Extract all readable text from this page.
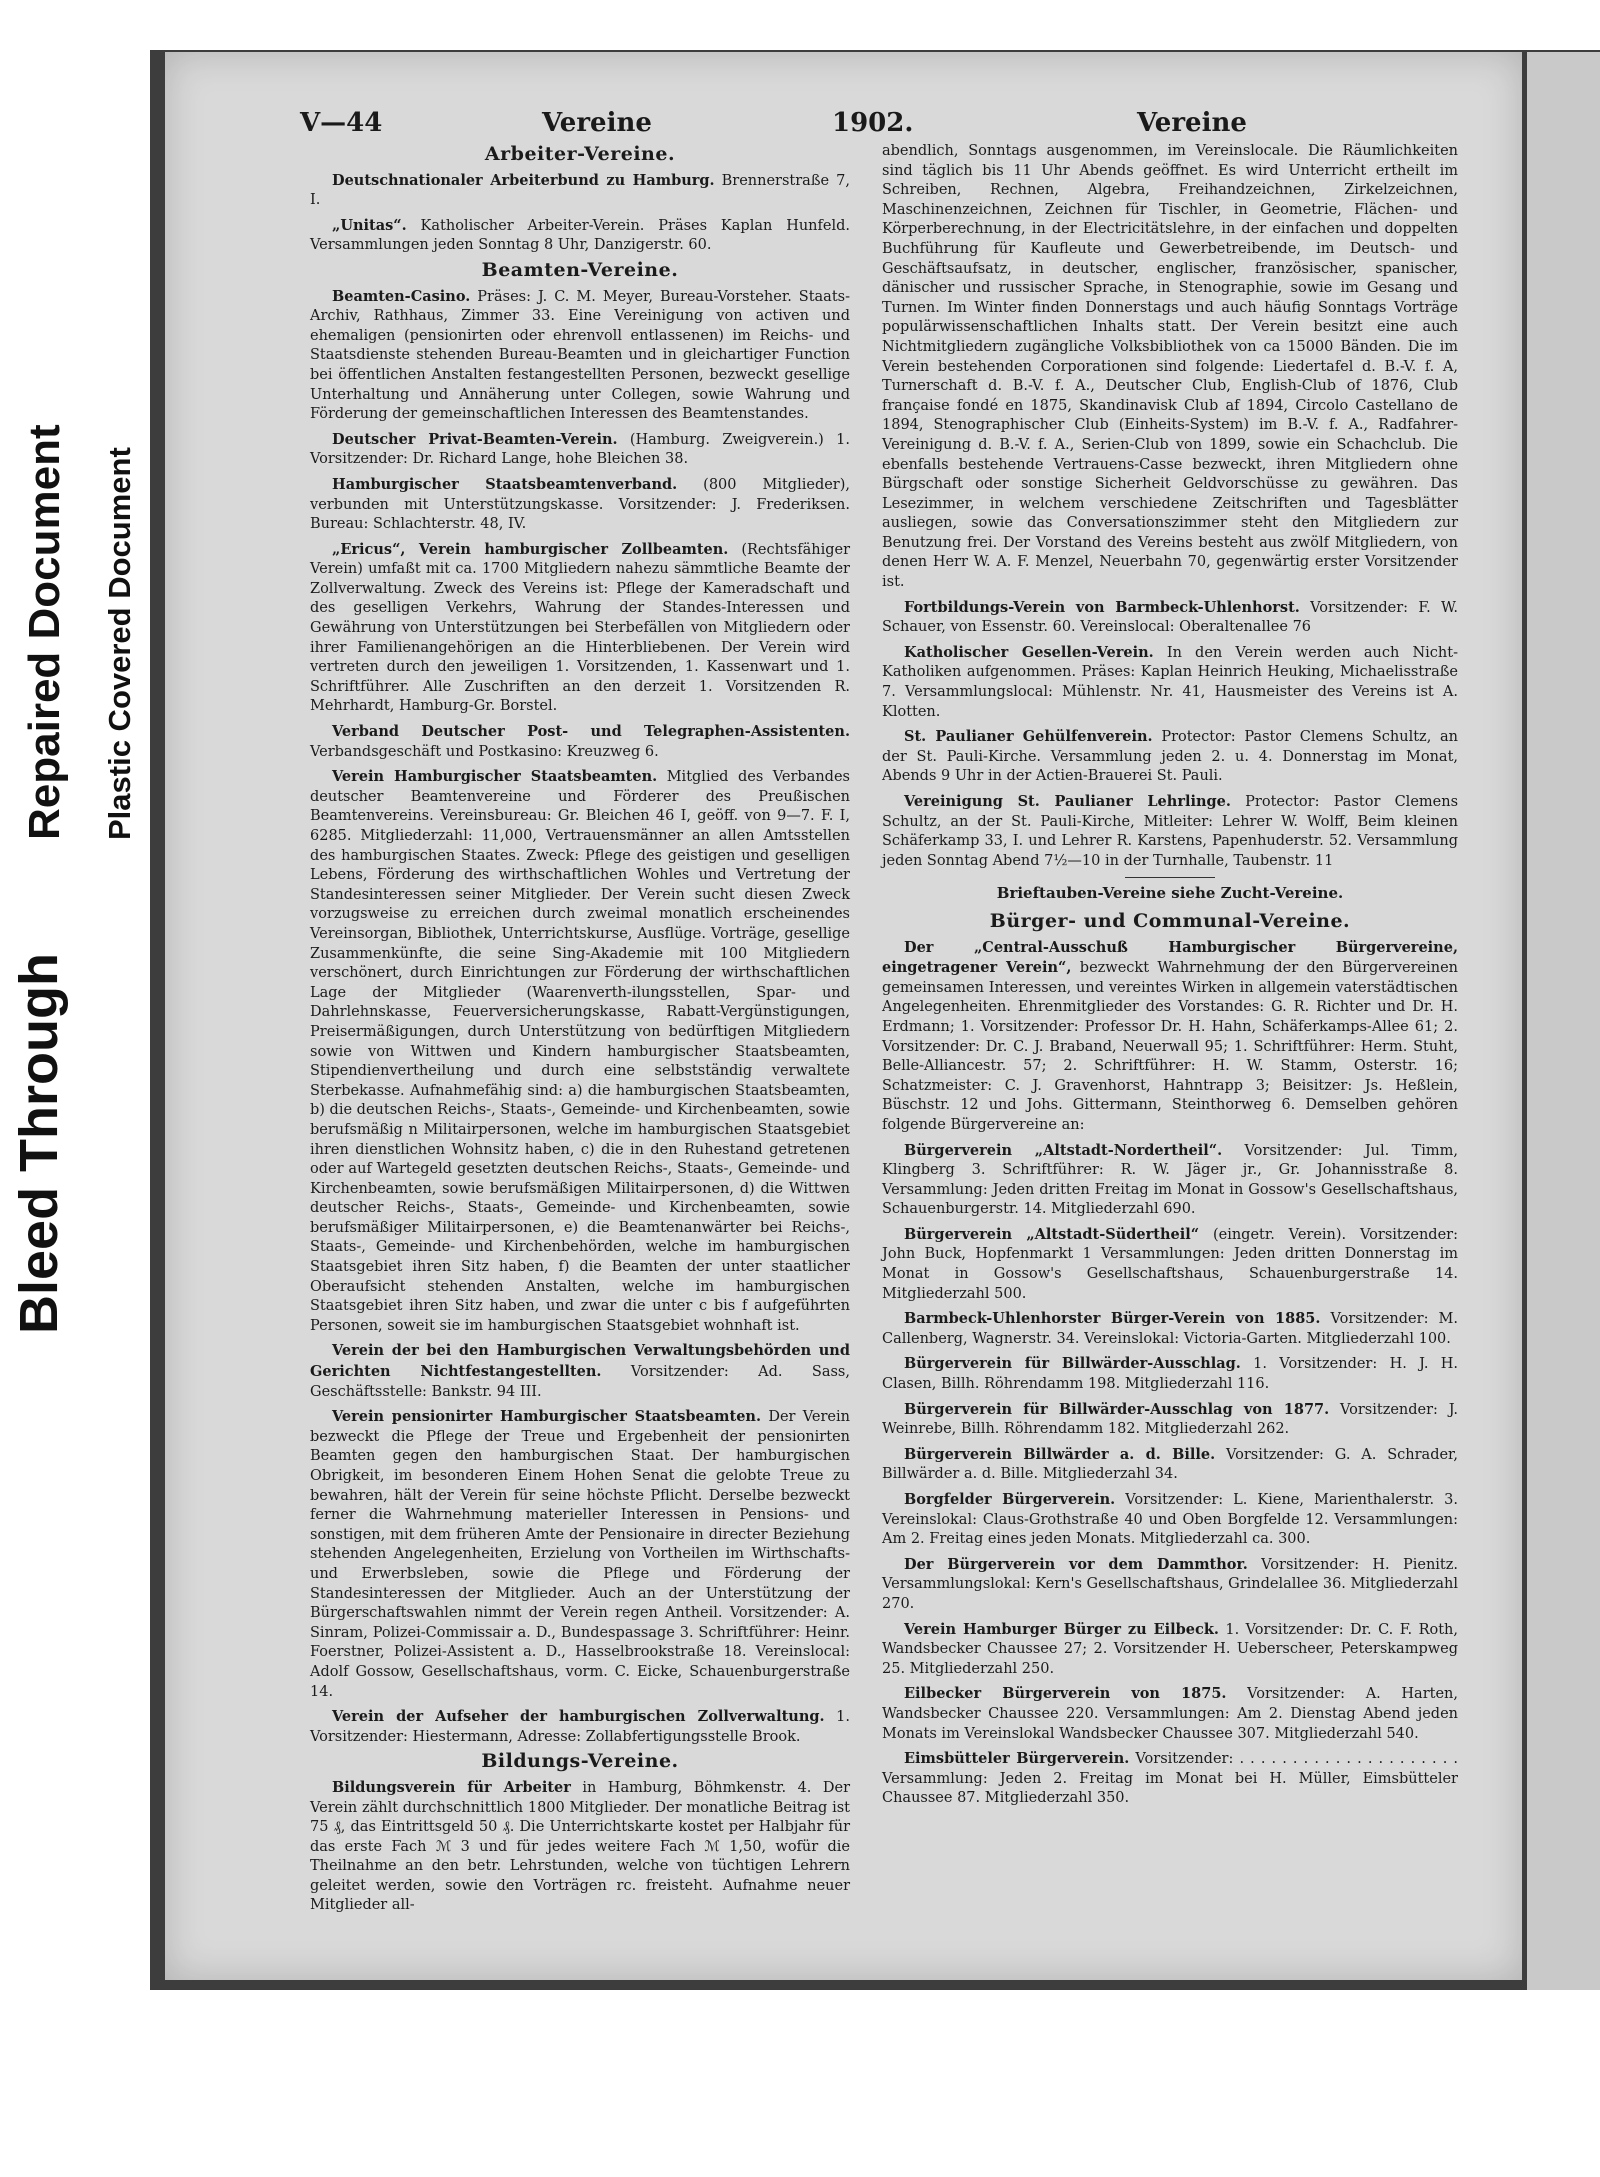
Bleed Through
Repaired Document Plastic Covered Document
V—44	Vereine	1902.	Vereine
Arbeiter-Vereine.

Deutschnationaler Arbeiterbund zu Hamburg. Brennerstraße 7, I.

„Unitas“. Katholischer Arbeiter-Verein. Präses Kaplan Hunfeld. Versammlungen jeden Sonntag 8 Uhr, Danzigerstr. 60.

Beamten-Vereine.

Beamten-Casino. Präses: J. C. M. Meyer, Bureau-Vorsteher. Staats-Archiv, Rathhaus, Zimmer 33. Eine Vereinigung von activen und ehemaligen (pensionirten oder ehrenvoll entlassenen) im Reichs- und Staatsdienste stehenden Bureau-Beamten und in gleichartiger Function bei öffentlichen Anstalten festangestellten Personen, bezweckt gesellige Unterhaltung und Annäherung unter Collegen, sowie Wahrung und Förderung der gemeinschaftlichen Interessen des Beamtenstandes.

Deutscher Privat-Beamten-Verein. (Hamburg. Zweigverein.) 1. Vorsitzender: Dr. Richard Lange, hohe Bleichen 38.

Hamburgischer Staatsbeamtenverband. (800 Mitglieder), verbunden mit Unterstützungskasse. Vorsitzender: J. Frederiksen. Bureau: Schlachterstr. 48, IV.

„Ericus“, Verein hamburgischer Zollbeamten. (Rechtsfähiger Verein) umfaßt mit ca. 1700 Mitgliedern nahezu sämmtliche Beamte der Zollverwaltung. Zweck des Vereins ist: Pflege der Kameradschaft und des geselligen Verkehrs, Wahrung der Standes-Interessen und Gewährung von Unterstützungen bei Sterbefällen von Mitgliedern oder ihrer Familienangehörigen an die Hinterbliebenen. Der Verein wird vertreten durch den jeweiligen 1. Vorsitzenden, 1. Kassenwart und 1. Schriftführer. Alle Zuschriften an den derzeit 1. Vorsitzenden R. Mehrhardt, Hamburg-Gr. Borstel.

Verband Deutscher Post- und Telegraphen-Assistenten. Verbandsgeschäft und Postkasino: Kreuzweg 6.

Verein Hamburgischer Staatsbeamten. Mitglied des Verbandes deutscher Beamtenvereine und Förderer des Preußischen Beamtenvereins. Vereinsbureau: Gr. Bleichen 46 I, geöff. von 9—7. F. I, 6285. Mitgliederzahl: 11,000, Vertrauensmänner an allen Amtsstellen des hamburgischen Staates. Zweck: Pflege des geistigen und geselligen Lebens, Förderung des wirthschaftlichen Wohles und Vertretung der Standesinteressen seiner Mitglieder. Der Verein sucht diesen Zweck vorzugsweise zu erreichen durch zweimal monatlich erscheinendes Vereinsorgan, Bibliothek, Unterrichtskurse, Ausflüge. Vorträge, gesellige Zusammenkünfte, die seine Sing-Akademie mit 100 Mitgliedern verschönert, durch Einrichtungen zur Förderung der wirthschaftlichen Lage der Mitglieder (Waarenverth-ilungsstellen, Spar- und Dahrlehnskasse, Feuerversicherungskasse, Rabatt-Vergünstigungen, Preisermäßigungen, durch Unterstützung von bedürftigen Mitgliedern sowie von Wittwen und Kindern hamburgischer Staatsbeamten, Stipendienvertheilung und durch eine selbstständig verwaltete Sterbekasse. Aufnahmefähig sind: a) die hamburgischen Staatsbeamten, b) die deutschen Reichs-, Staats-, Gemeinde- und Kirchenbeamten, sowie berufsmäßig n Militairpersonen, welche im hamburgischen Staatsgebiet ihren dienstlichen Wohnsitz haben, c) die in den Ruhestand getretenen oder auf Wartegeld gesetzten deutschen Reichs-, Staats-, Gemeinde- und Kirchenbeamten, sowie berufsmäßigen Militairpersonen, d) die Wittwen deutscher Reichs-, Staats-, Gemeinde- und Kirchenbeamten, sowie berufsmäßiger Militairpersonen, e) die Beamtenanwärter bei Reichs-, Staats-, Gemeinde- und Kirchenbehörden, welche im hamburgischen Staatsgebiet ihren Sitz haben, f) die Beamten der unter staatlicher Oberaufsicht stehenden Anstalten, welche im hamburgischen Staatsgebiet ihren Sitz haben, und zwar die unter c bis f aufgeführten Personen, soweit sie im hamburgischen Staatsgebiet wohnhaft ist.

Verein der bei den Hamburgischen Verwaltungsbehörden und Gerichten Nichtfestangestellten. Vorsitzender: Ad. Sass, Geschäftsstelle: Bankstr. 94 III.

Verein pensionirter Hamburgischer Staatsbeamten. Der Verein bezweckt die Pflege der Treue und Ergebenheit der pensionirten Beamten gegen den hamburgischen Staat. Der hamburgischen Obrigkeit, im besonderen Einem Hohen Senat die gelobte Treue zu bewahren, hält der Verein für seine höchste Pflicht. Derselbe bezweckt ferner die Wahrnehmung materieller Interessen in Pensions- und sonstigen, mit dem früheren Amte der Pensionaire in directer Beziehung stehenden Angelegenheiten, Erzielung von Vortheilen im Wirthschafts- und Erwerbsleben, sowie die Pflege und Förderung der Standesinteressen der Mitglieder. Auch an der Unterstützung der Bürgerschaftswahlen nimmt der Verein regen Antheil. Vorsitzender: A. Sinram, Polizei-Commissair a. D., Bundespassage 3. Schriftführer: Heinr. Foerstner, Polizei-Assistent a. D., Hasselbrookstraße 18. Vereinslocal: Adolf Gossow, Gesellschaftshaus, vorm. C. Eicke, Schauenburgerstraße 14.

Verein der Aufseher der hamburgischen Zollverwaltung. 1. Vorsitzender: Hiestermann, Adresse: Zollabfertigungsstelle Brook.

Bildungs-Vereine.

Bildungsverein für Arbeiter in Hamburg, Böhmkenstr. 4. Der Verein zählt durchschnittlich 1800 Mitglieder. Der monatliche Beitrag ist 75 ₰, das Eintrittsgeld 50 ₰. Die Unterrichtskarte kostet per Halbjahr für das erste Fach ℳ 3 und für jedes weitere Fach ℳ 1,50, wofür die Theilnahme an den betr. Lehrstunden, welche von tüchtigen Lehrern geleitet werden, sowie den Vorträgen rc. freisteht. Aufnahme neuer Mitglieder all-

abendlich, Sonntags ausgenommen, im Vereinslocale. Die Räumlichkeiten sind täglich bis 11 Uhr Abends geöffnet. Es wird Unterricht ertheilt im Schreiben, Rechnen, Algebra, Freihandzeichnen, Zirkelzeichnen, Maschinenzeichnen, Zeichnen für Tischler, in Geometrie, Flächen- und Körperberechnung, in der Electricitätslehre, in der einfachen und doppelten Buchführung für Kaufleute und Gewerbetreibende, im Deutsch- und Geschäftsaufsatz, in deutscher, englischer, französischer, spanischer, dänischer und russischer Sprache, in Stenographie, sowie im Gesang und Turnen. Im Winter finden Donnerstags und auch häufig Sonntags Vorträge populärwissenschaftlichen Inhalts statt. Der Verein besitzt eine auch Nichtmitgliedern zugängliche Volksbibliothek von ca 15000 Bänden. Die im Verein bestehenden Corporationen sind folgende: Liedertafel d. B.-V. f. A, Turnerschaft d. B.-V. f. A., Deutscher Club, English-Club of 1876, Club française fondé en 1875, Skandinavisk Club af 1894, Circolo Castellano de 1894, Stenographischer Club (Einheits-System) im B.-V. f. A., Radfahrer-Vereinigung d. B.-V. f. A., Serien-Club von 1899, sowie ein Schachclub. Die ebenfalls bestehende Vertrauens-Casse bezweckt, ihren Mitgliedern ohne Bürgschaft oder sonstige Sicherheit Geldvorschüsse zu gewähren. Das Lesezimmer, in welchem verschiedene Zeitschriften und Tagesblätter ausliegen, sowie das Conversationszimmer steht den Mitgliedern zur Benutzung frei. Der Vorstand des Vereins besteht aus zwölf Mitgliedern, von denen Herr W. A. F. Menzel, Neuerbahn 70, gegenwärtig erster Vorsitzender ist.

Fortbildungs-Verein von Barmbeck-Uhlenhorst. Vorsitzender: F. W. Schauer, von Essenstr. 60. Vereinslocal: Oberaltenallee 76

Katholischer Gesellen-Verein. In den Verein werden auch Nicht-Katholiken aufgenommen. Präses: Kaplan Heinrich Heuking, Michaelisstraße 7. Versammlungslocal: Mühlenstr. Nr. 41, Hausmeister des Vereins ist A. Klotten.

St. Paulianer Gehülfenverein. Protector: Pastor Clemens Schultz, an der St. Pauli-Kirche. Versammlung jeden 2. u. 4. Donnerstag im Monat, Abends 9 Uhr in der Actien-Brauerei St. Pauli.

Vereinigung St. Paulianer Lehrlinge. Protector: Pastor Clemens Schultz, an der St. Pauli-Kirche, Mitleiter: Lehrer W. Wolff, Beim kleinen Schäferkamp 33, I. und Lehrer R. Karstens, Papenhuderstr. 52. Versammlung jeden Sonntag Abend 7½—10 in der Turnhalle, Taubenstr. 11

Brieftauben-Vereine siehe Zucht-Vereine.
Bürger- und Communal-Vereine.

Der „Central-Ausschuß Hamburgischer Bürgervereine, eingetragener Verein“, bezweckt Wahrnehmung der den Bürgervereinen gemeinsamen Interessen, und vereintes Wirken in allgemein vaterstädtischen Angelegenheiten. Ehrenmitglieder des Vorstandes: G. R. Richter und Dr. H. Erdmann; 1. Vorsitzender: Professor Dr. H. Hahn, Schäferkamps-Allee 61; 2. Vorsitzender: Dr. C. J. Braband, Neuerwall 95; 1. Schriftführer: Herm. Stuht, Belle-Alliancestr. 57; 2. Schriftführer: H. W. Stamm, Osterstr. 16; Schatzmeister: C. J. Gravenhorst, Hahntrapp 3; Beisitzer: Js. Heßlein, Büschstr. 12 und Johs. Gittermann, Steinthorweg 6. Demselben gehören folgende Bürgervereine an:

Bürgerverein „Altstadt-Nordertheil“. Vorsitzender: Jul. Timm, Klingberg 3. Schriftführer: R. W. Jäger jr., Gr. Johannisstraße 8. Versammlung: Jeden dritten Freitag im Monat in Gossow's Gesellschaftshaus, Schauenburgerstr. 14. Mitgliederzahl 690.

Bürgerverein „Altstadt-Südertheil“ (eingetr. Verein). Vorsitzender: John Buck, Hopfenmarkt 1 Versammlungen: Jeden dritten Donnerstag im Monat in Gossow's Gesellschaftshaus, Schauenburgerstraße 14. Mitgliederzahl 500.

Barmbeck-Uhlenhorster Bürger-Verein von 1885. Vorsitzender: M. Callenberg, Wagnerstr. 34. Vereinslokal: Victoria-Garten. Mitgliederzahl 100.

Bürgerverein für Billwärder-Ausschlag. 1. Vorsitzender: H. J. H. Clasen, Billh. Röhrendamm 198. Mitgliederzahl 116.

Bürgerverein für Billwärder-Ausschlag von 1877. Vorsitzender: J. Weinrebe, Billh. Röhrendamm 182. Mitgliederzahl 262.

Bürgerverein Billwärder a. d. Bille. Vorsitzender: G. A. Schrader, Billwärder a. d. Bille. Mitgliederzahl 34.

Borgfelder Bürgerverein. Vorsitzender: L. Kiene, Marienthalerstr. 3. Vereinslokal: Claus-Grothstraße 40 und Oben Borgfelde 12. Versammlungen: Am 2. Freitag eines jeden Monats. Mitgliederzahl ca. 300.

Der Bürgerverein vor dem Dammthor. Vorsitzender: H. Pienitz. Versammlungslokal: Kern's Gesellschaftshaus, Grindelallee 36. Mitgliederzahl 270.

Verein Hamburger Bürger zu Eilbeck. 1. Vorsitzender: Dr. C. F. Roth, Wandsbecker Chaussee 27; 2. Vorsitzender H. Ueberscheer, Peterskampweg 25. Mitgliederzahl 250.

Eilbecker Bürgerverein von 1875. Vorsitzender: A. Harten, Wandsbecker Chaussee 220. Versammlungen: Am 2. Dienstag Abend jeden Monats im Vereinslokal Wandsbecker Chaussee 307. Mitgliederzahl 540.

Eimsbütteler Bürgerverein. Vorsitzender: . . . . . . . . . . . . . . . . . . . . . Versammlung: Jeden 2. Freitag im Monat bei H. Müller, Eimsbütteler Chaussee 87. Mitgliederzahl 350.
